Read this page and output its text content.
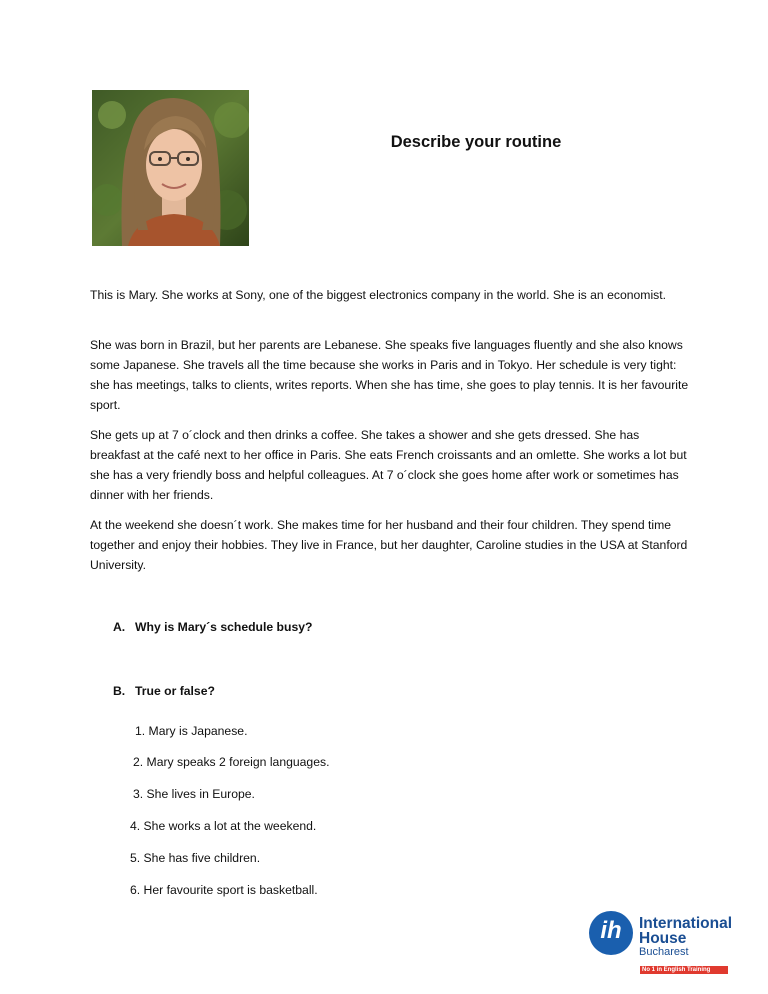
Describe your routine

This is Mary. She works at Sony, one of the biggest electronics company in the world. She is an economist.

She was born in Brazil, but her parents are Lebanese. She speaks five languages fluently and she also knows some Japanese. She travels all the time because she works in Paris and in Tokyo. Her schedule is very tight: she has meetings, talks to clients, writes reports. When she has time, she goes to play tennis. It is her favourite sport.

She gets up at 7 o´clock and then drinks a coffee. She takes a shower and she gets dressed. She has breakfast at the café next to her office in Paris. She eats French croissants and an omlette. She works a lot but she has a very friendly boss and helpful colleagues. At 7 o´clock she goes home after work or sometimes has dinner with her friends.

At the weekend she doesn´t work. She makes time for her husband and their four children. They spend time together and enjoy their hobbies. They live in France, but her daughter, Caroline studies in the USA at Stanford University.

A. Why is Mary´s schedule busy?
B. True or false?
1. Mary is Japanese.
2. Mary speaks 2 foreign languages.
3. She lives in Europe.
4. She works a lot at the weekend.
5. She has five children.
6. Her favourite sport is basketball.
ih	International
House
Bucharest
No 1 in English Training
